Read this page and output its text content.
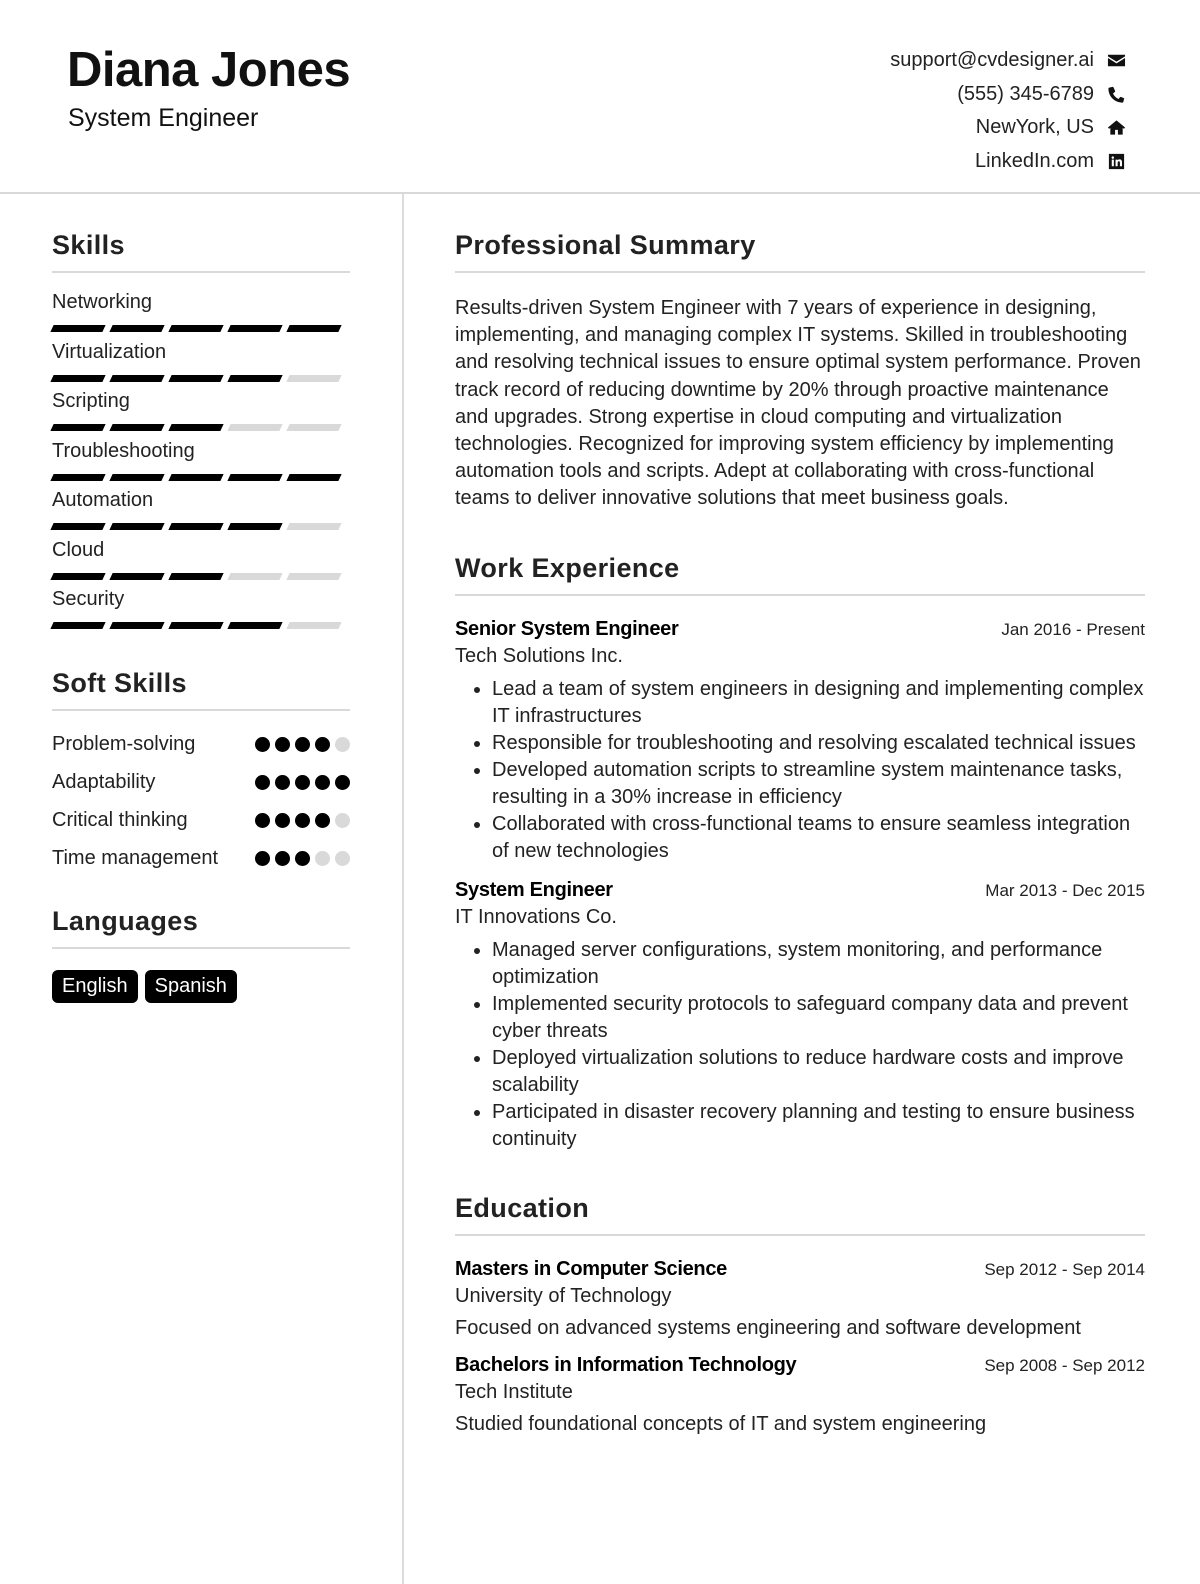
Diana Jones
System Engineer
support@cvdesigner.ai
(555) 345-6789
NewYork, US
LinkedIn.com
Skills
Networking
Virtualization
Scripting
Troubleshooting
Automation
Cloud
Security
Soft Skills
Problem-solving
Adaptability
Critical thinking
Time management
Languages
English	Spanish
Professional Summary
Results-driven System Engineer with 7 years of experience in designing, implementing, and managing complex IT systems. Skilled in troubleshooting and resolving technical issues to ensure optimal system performance. Proven track record of reducing downtime by 20% through proactive maintenance and upgrades. Strong expertise in cloud computing and virtualization technologies. Recognized for improving system efficiency by implementing automation tools and scripts. Adept at collaborating with cross-functional teams to deliver innovative solutions that meet business goals.
Work Experience
Senior System Engineer	Jan 2016 - Present
Tech Solutions Inc.
• Lead a team of system engineers in designing and implementing complex IT infrastructures
• Responsible for troubleshooting and resolving escalated technical issues
• Developed automation scripts to streamline system maintenance tasks, resulting in a 30% increase in efficiency
• Collaborated with cross-functional teams to ensure seamless integration of new technologies
System Engineer	Mar 2013 - Dec 2015
IT Innovations Co.
• Managed server configurations, system monitoring, and performance optimization
• Implemented security protocols to safeguard company data and prevent cyber threats
• Deployed virtualization solutions to reduce hardware costs and improve scalability
• Participated in disaster recovery planning and testing to ensure business continuity
Education
Masters in Computer Science	Sep 2012 - Sep 2014
University of Technology
Focused on advanced systems engineering and software development
Bachelors in Information Technology	Sep 2008 - Sep 2012
Tech Institute
Studied foundational concepts of IT and system engineering
